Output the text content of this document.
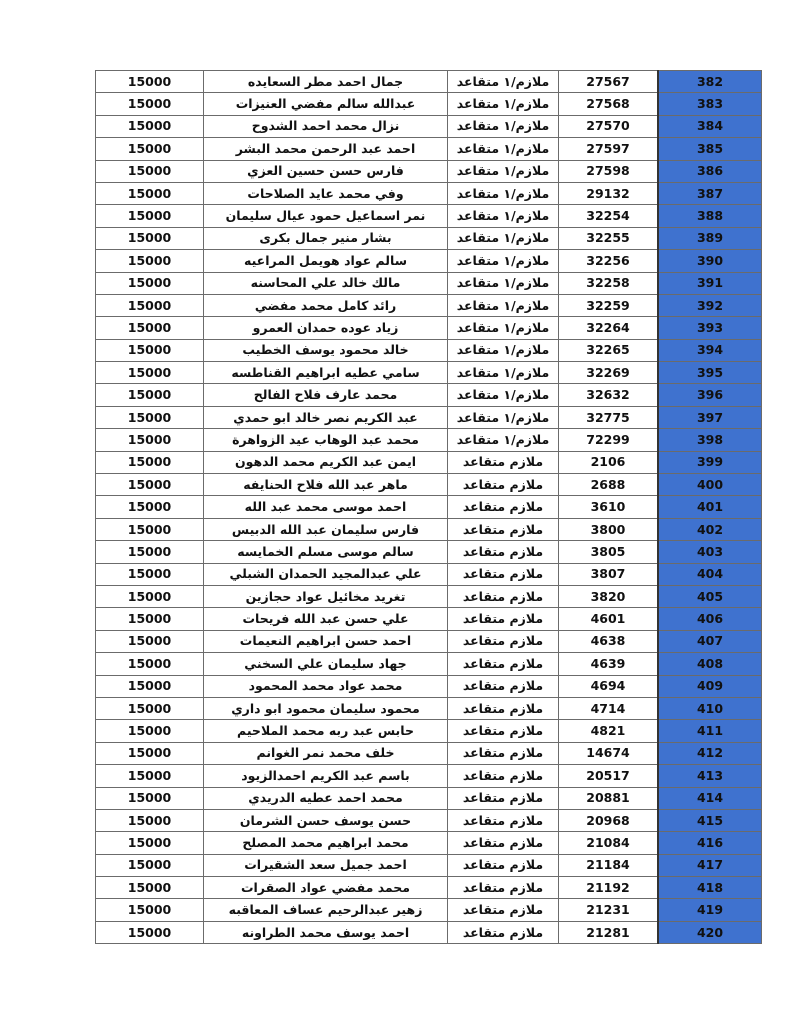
15000	جمال احمد مطر السعايده	ملازم/١ متقاعد	27567	382
15000	عبدالله سالم مفضي العنيزات	ملازم/١ متقاعد	27568	383
15000	نزال محمد احمد الشدوح	ملازم/١ متقاعد	27570	384
15000	احمد عبد الرحمن محمد البشر	ملازم/١ متقاعد	27597	385
15000	فارس حسن حسين العزي	ملازم/١ متقاعد	27598	386
15000	وفي محمد عايد الصلاحات	ملازم/١ متقاعد	29132	387
15000	نمر اسماعيل حمود عيال سليمان	ملازم/١ متقاعد	32254	388
15000	بشار منير جمال بكرى	ملازم/١ متقاعد	32255	389
15000	سالم عواد هويمل المراعيه	ملازم/١ متقاعد	32256	390
15000	مالك خالد علي المحاسنه	ملازم/١ متقاعد	32258	391
15000	رائد كامل محمد مفضي	ملازم/١ متقاعد	32259	392
15000	زياد عوده حمدان العمرو	ملازم/١ متقاعد	32264	393
15000	خالد محمود يوسف الخطيب	ملازم/١ متقاعد	32265	394
15000	سامي عطيه ابراهيم القناطسه	ملازم/١ متقاعد	32269	395
15000	محمد عارف فلاح الفالح	ملازم/١ متقاعد	32632	396
15000	عبد الكريم نصر خالد ابو حمدي	ملازم/١ متقاعد	32775	397
15000	محمد عبد الوهاب عيد الزواهرة	ملازم/١ متقاعد	72299	398
15000	ايمن عبد الكريم محمد الدهون	ملازم متقاعد	2106	399
15000	ماهر عبد الله فلاح الحنايفه	ملازم متقاعد	2688	400
15000	احمد موسى محمد عبد الله	ملازم متقاعد	3610	401
15000	فارس سليمان عبد الله الدبيس	ملازم متقاعد	3800	402
15000	سالم موسى مسلم الخمايسه	ملازم متقاعد	3805	403
15000	علي عبدالمجيد الحمدان الشبلي	ملازم متقاعد	3807	404
15000	تغريد مخائيل عواد حجازين	ملازم متقاعد	3820	405
15000	علي حسن عبد الله فريحات	ملازم متقاعد	4601	406
15000	احمد حسن ابراهيم النعيمات	ملازم متقاعد	4638	407
15000	جهاد سليمان علي السخني	ملازم متقاعد	4639	408
15000	محمد عواد محمد المحمود	ملازم متقاعد	4694	409
15000	محمود سليمان محمود ابو داري	ملازم متقاعد	4714	410
15000	حابس عبد ربه محمد الملاحيم	ملازم متقاعد	4821	411
15000	خلف محمد نمر الغوانم	ملازم متقاعد	14674	412
15000	باسم عبد الكريم احمدالزيود	ملازم متقاعد	20517	413
15000	محمد احمد عطيه الدريدي	ملازم متقاعد	20881	414
15000	حسن يوسف حسن الشرمان	ملازم متقاعد	20968	415
15000	محمد ابراهيم محمد المصلح	ملازم متقاعد	21084	416
15000	احمد جميل سعد الشقيرات	ملازم متقاعد	21184	417
15000	محمد مفضي عواد الصقرات	ملازم متقاعد	21192	418
15000	زهير عبدالرحيم عساف المعاقبه	ملازم متقاعد	21231	419
15000	احمد يوسف محمد الطراونه	ملازم متقاعد	21281	420
